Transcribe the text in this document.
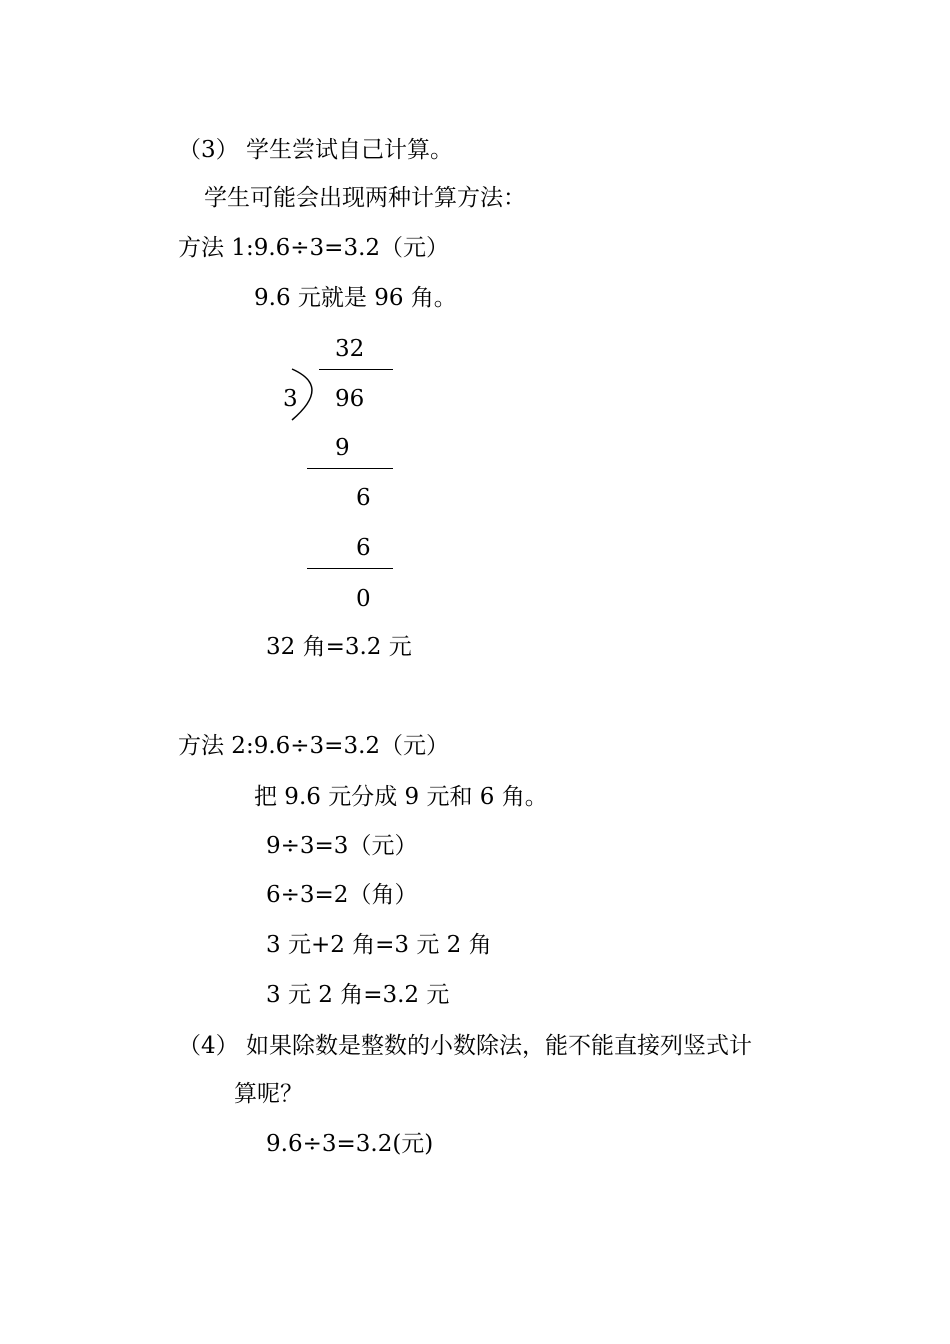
（3） 学生尝试自己计算。
学生可能会出现两种计算方法：
方法 1:9.6÷3=3.2（元）
9.6 元就是 96 角。
32
3 96
9
6
6
0
32 角=3.2 元
方法 2:9.6÷3=3.2（元）
把 9.6 元分成 9 元和 6 角。
9÷3=3（元）
6÷3=2（角）
3 元+2 角=3 元 2 角
3 元 2 角=3.2 元
（4） 如果除数是整数的小数除法，能不能直接列竖式计
算呢？
9.6÷3=3.2(元)
